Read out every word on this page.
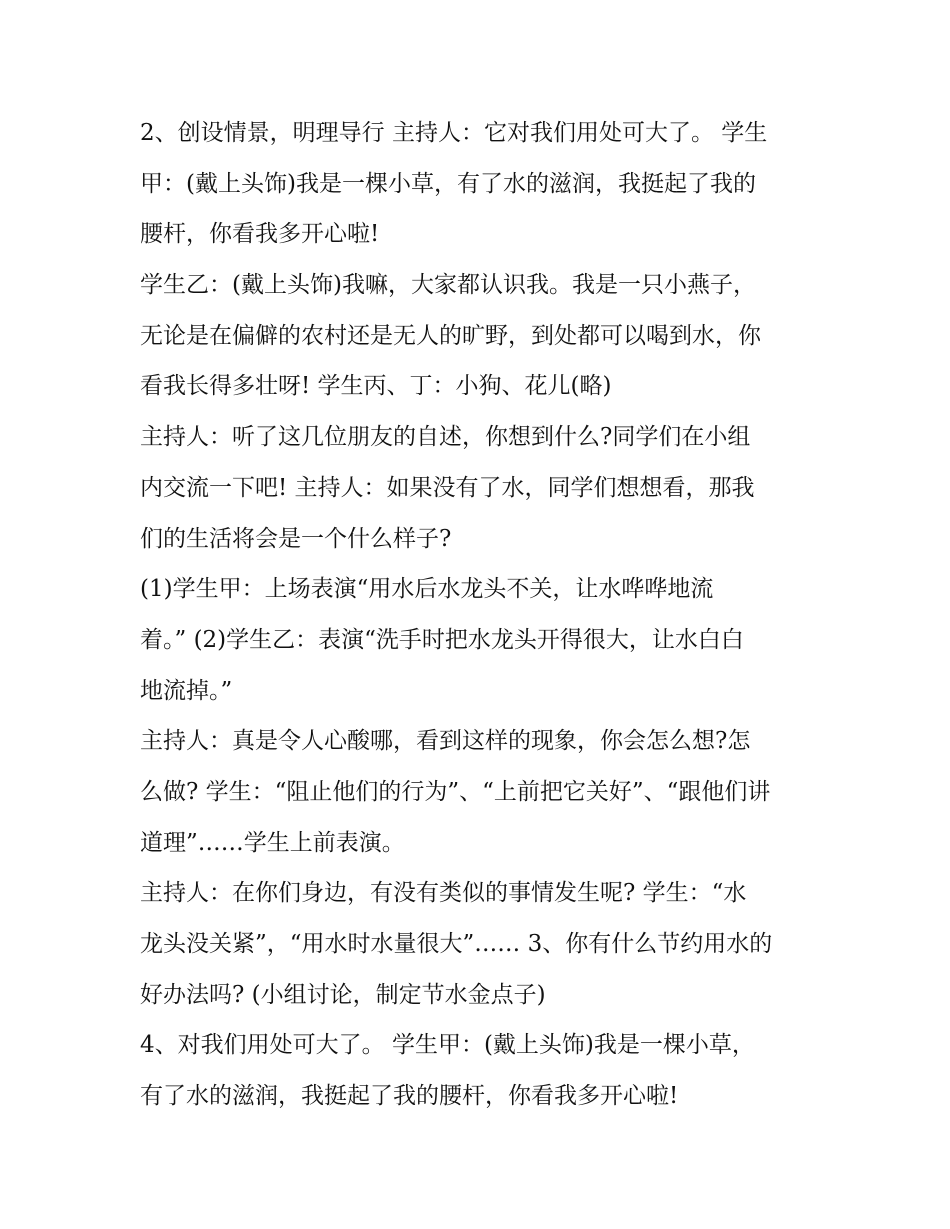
2、创设情景，明理导行 主持人：它对我们用处可大了。 学生
甲：(戴上头饰)我是一棵小草，有了水的滋润，我挺起了我的
腰杆，你看我多开心啦!
学生乙：(戴上头饰)我嘛，大家都认识我。我是一只小燕子，
无论是在偏僻的农村还是无人的旷野，到处都可以喝到水，你
看我长得多壮呀! 学生丙、丁：小狗、花儿(略)
主持人：听了这几位朋友的自述，你想到什么?同学们在小组
内交流一下吧! 主持人：如果没有了水，同学们想想看，那我
们的生活将会是一个什么样子?
(1)学生甲：上场表演“用水后水龙头不关，让水哗哗地流
着。” (2)学生乙：表演“洗手时把水龙头开得很大，让水白白
地流掉。”
主持人：真是令人心酸哪，看到这样的现象，你会怎么想?怎
么做? 学生：“阻止他们的行为”、“上前把它关好”、“跟他们讲
道理”……学生上前表演。
主持人：在你们身边，有没有类似的事情发生呢? 学生：“水
龙头没关紧”，“用水时水量很大”…… 3、你有什么节约用水的
好办法吗? (小组讨论，制定节水金点子)
4、对我们用处可大了。 学生甲：(戴上头饰)我是一棵小草，
有了水的滋润，我挺起了我的腰杆，你看我多开心啦!
